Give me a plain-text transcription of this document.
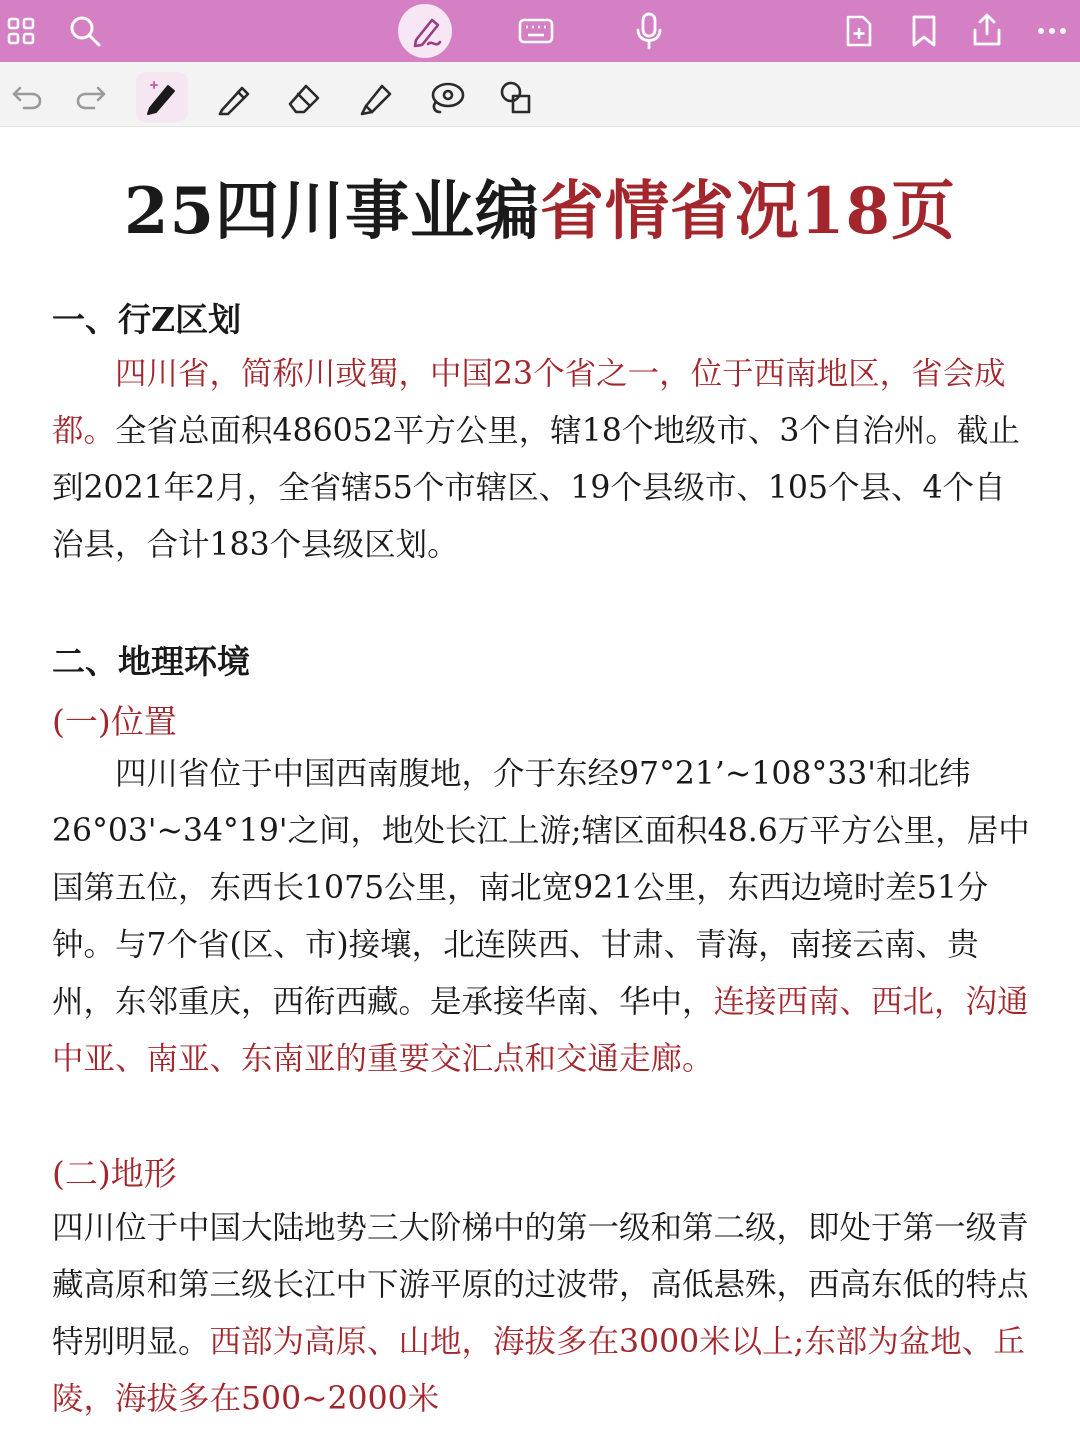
25四川事业编省情省况18页
一、行Z区划
四川省，简称川或蜀，中国23个省之一，位于西南地区，省会成都。全省总面积486052平方公里，辖18个地级市、3个自治州。截止到2021年2月，全省辖55个市辖区、19个县级市、105个县、4个自治县，合计183个县级区划。
二、地理环境
(一)位置
四川省位于中国西南腹地，介于东经97°21’~108°33'和北纬26°03'~34°19'之间，地处长江上游;辖区面积48.6万平方公里，居中国第五位，东西长1075公里，南北宽921公里，东西边境时差51分钟。与7个省(区、市)接壤，北连陕西、甘肃、青海，南接云南、贵州，东邻重庆，西衔西藏。是承接华南、华中，连接西南、西北，沟通中亚、南亚、东南亚的重要交汇点和交通走廊。
(二)地形
四川位于中国大陆地势三大阶梯中的第一级和第二级，即处于第一级青藏高原和第三级长江中下游平原的过波带，高低悬殊，西高东低的特点特别明显。西部为高原、山地，海拔多在3000米以上;东部为盆地、丘陵，海拔多在500~2000米
